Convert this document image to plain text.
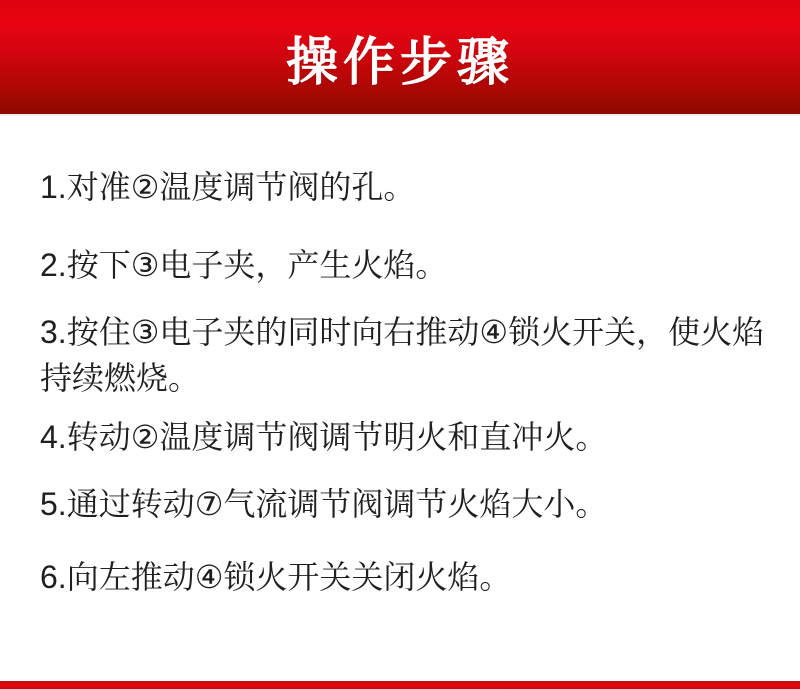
操作步骤

1.对准②温度调节阀的孔。

2.按下③电子夹，产生火焰。

3.按住③电子夹的同时向右推动④锁火开关，使火焰持续燃烧。

4.转动②温度调节阀调节明火和直冲火。

5.通过转动⑦气流调节阀调节火焰大小。

6.向左推动④锁火开关关闭火焰。
